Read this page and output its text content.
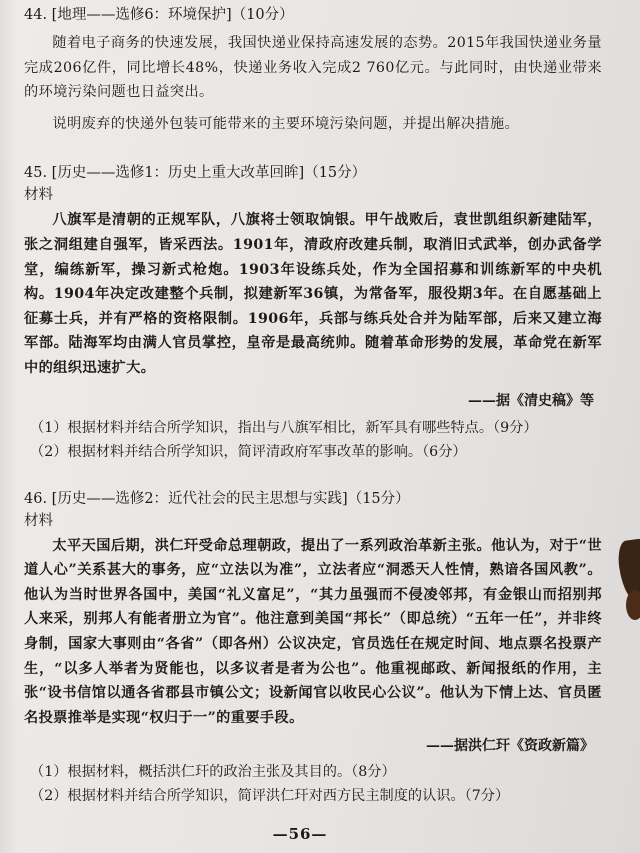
44. [地理——选修6：环境保护]（10分）

随着电子商务的快速发展，我国快递业保持高速发展的态势。2015年我国快递业务量完成206亿件，同比增长48%，快递业务收入完成2 760亿元。与此同时，由快递业带来的环境污染问题也日益突出。

说明废弃的快递外包装可能带来的主要环境污染问题，并提出解决措施。

45. [历史——选修1：历史上重大改革回眸]（15分）

材料

八旗军是清朝的正规军队，八旗将士领取饷银。甲午战败后，袁世凯组织新建陆军，张之洞组建自强军，皆采西法。1901年，清政府改建兵制，取消旧式武举，创办武备学堂，编练新军，操习新式枪炮。1903年设练兵处，作为全国招募和训练新军的中央机构。1904年决定改建整个兵制，拟建新军36镇，为常备军，服役期3年。在自愿基础上征募士兵，并有严格的资格限制。1906年，兵部与练兵处合并为陆军部，后来又建立海军部。陆海军均由满人官员掌控，皇帝是最高统帅。随着革命形势的发展，革命党在新军中的组织迅速扩大。

——据《清史稿》等

（1）根据材料并结合所学知识，指出与八旗军相比，新军具有哪些特点。（9分）

（2）根据材料并结合所学知识，简评清政府军事改革的影响。（6分）

46. [历史——选修2：近代社会的民主思想与实践]（15分）

材料

太平天国后期，洪仁玕受命总理朝政，提出了一系列政治革新主张。他认为，对于“世道人心”关系甚大的事务，应“立法以为准”，立法者应“洞悉天人性情，熟谙各国风教”。他认为当时世界各国中，美国“礼义富足”，“其力虽强而不侵凌邻邦，有金银山而招别邦人来采，别邦人有能者册立为官”。他注意到美国“邦长”（即总统）“五年一任”，并非终身制，国家大事则由“各省”（即各州）公议决定，官员选任在规定时间、地点票名投票产生，“以多人举者为贤能也，以多议者是者为公也”。他重视邮政、新闻报纸的作用，主张“设书信馆以通各省郡县市镇公文；设新闻官以收民心公议”。他认为下情上达、官员匿名投票推举是实现“权归于一”的重要手段。

——据洪仁玕《资政新篇》

（1）根据材料，概括洪仁玕的政治主张及其目的。（8分）

（2）根据材料并结合所学知识，简评洪仁玕对西方民主制度的认识。（7分）

—56—
